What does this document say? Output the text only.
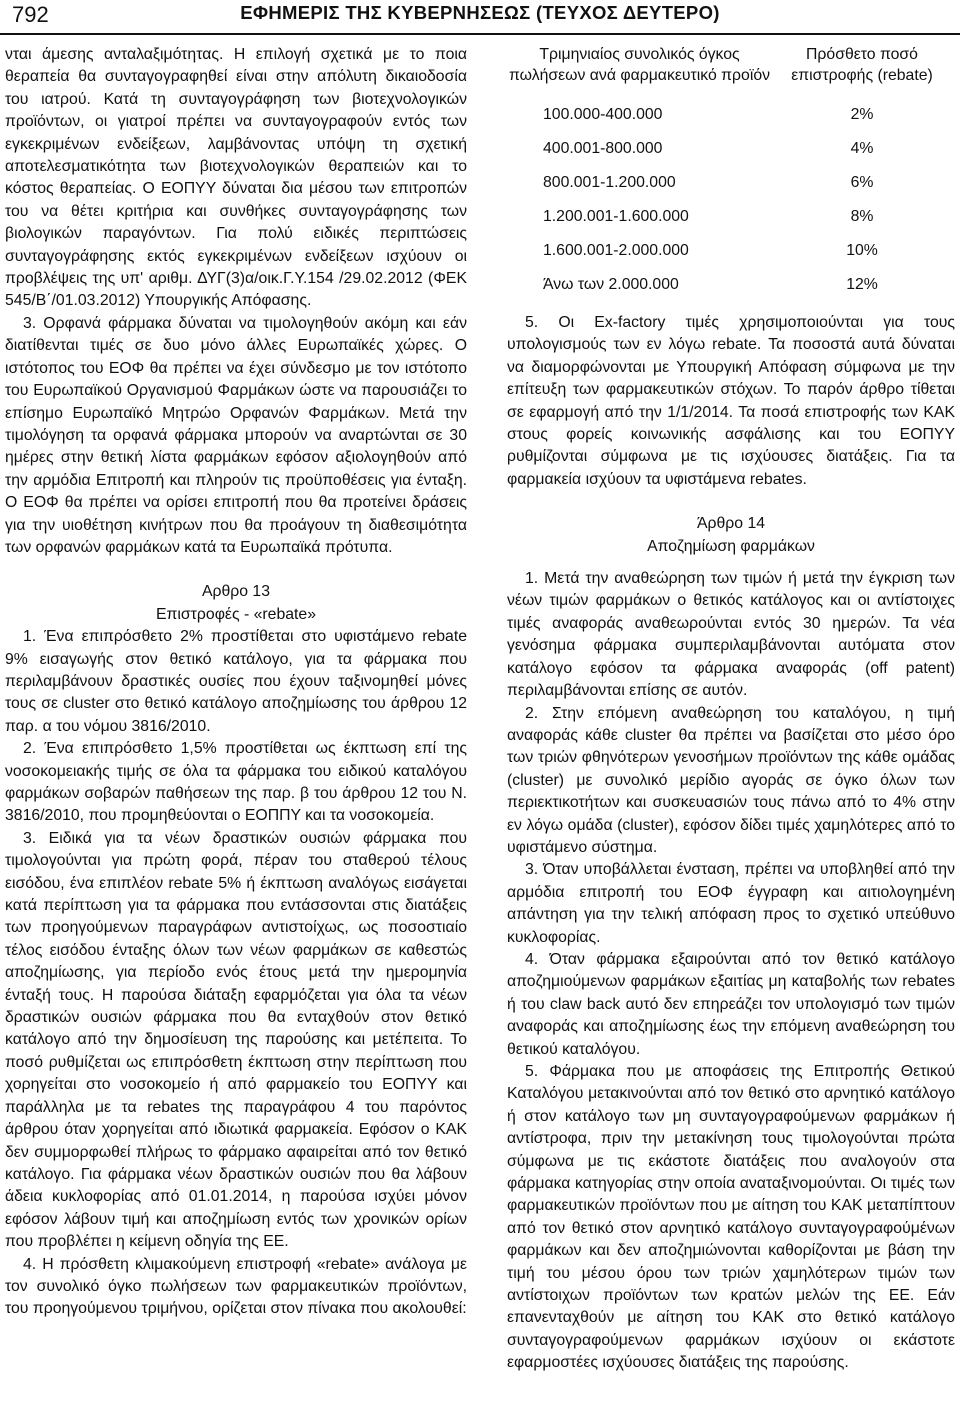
792	ΕΦΗΜΕΡΙΣ ΤΗΣ ΚΥΒΕΡΝΗΣΕΩΣ (ΤΕΥΧΟΣ ΔΕΥΤΕΡΟ)

νται άμεσης ανταλαξιμότητας. Η επιλογή σχετικά με το ποια θεραπεία θα συνταγογραφηθεί είναι στην απόλυτη δικαιοδοσία του ιατρού. Κατά τη συνταγογράφηση των βιοτεχνολογικών προϊόντων, οι γιατροί πρέπει να συνταγογραφούν εντός των εγκεκριμένων ενδείξεων, λαμβάνοντας υπόψη τη σχετική αποτελεσματικότητα των βιοτεχνολογικών θεραπειών και το κόστος θεραπείας. Ο ΕΟΠΥΥ δύναται δια μέσου των επιτροπών του να θέτει κριτήρια και συνθήκες συνταγογράφησης των βιολογικών παραγόντων. Για πολύ ειδικές περιπτώσεις συνταγογράφησης εκτός εγκεκριμένων ενδείξεων ισχύουν οι προβλέψεις της υπ' αριθμ. ΔΥΓ(3)α/οικ.Γ.Υ.154 /29.02.2012 (ΦΕΚ 545/Β΄/01.03.2012) Υπουργικής Απόφασης.

3. Ορφανά φάρμακα δύναται να τιμολογηθούν ακόμη και εάν διατίθενται τιμές σε δυο μόνο άλλες Ευρωπαϊκές χώρες. Ο ιστότοπος του ΕΟΦ θα πρέπει να έχει σύνδεσμο με τον ιστότοπο του Ευρωπαϊκού Οργανισμού Φαρμάκων ώστε να παρουσιάζει το επίσημο Ευρωπαϊκό Μητρώο Ορφανών Φαρμάκων. Μετά την τιμολόγηση τα ορφανά φάρμακα μπορούν να αναρτώνται σε 30 ημέρες στην θετική λίστα φαρμάκων εφόσον αξιολογηθούν από την αρμόδια Επιτροπή και πληρούν τις προϋποθέσεις για ένταξη. Ο ΕΟΦ θα πρέπει να ορίσει επιτροπή που θα προτείνει δράσεις για την υιοθέτηση κινήτρων που θα προάγουν τη διαθεσιμότητα των ορφανών φαρμάκων κατά τα Ευρωπαϊκά πρότυπα.

Αρθρο 13

Επιστροφές - «rebate»

1. Ένα επιπρόσθετο 2% προστίθεται στο υφιστάμενο rebate 9% εισαγωγής στον θετικό κατάλογο, για τα φάρμακα που περιλαμβάνουν δραστικές ουσίες που έχουν ταξινομηθεί μόνες τους σε cluster στο θετικό κατάλογο αποζημίωσης του άρθρου 12 παρ. α του νόμου 3816/2010.

2. Ένα επιπρόσθετο 1,5% προστίθεται ως έκπτωση επί της νοσοκομειακής τιμής σε όλα τα φάρμακα του ειδικού καταλόγου φαρμάκων σοβαρών παθήσεων της παρ. β του άρθρου 12 του Ν. 3816/2010, που προμηθεύονται ο ΕΟΠΠΥ και τα νοσοκομεία.

3. Ειδικά για τα νέων δραστικών ουσιών φάρμακα που τιμολογούνται για πρώτη φορά, πέραν του σταθερού τέλους εισόδου, ένα επιπλέον rebate 5% ή έκπτωση αναλόγως εισάγεται κατά περίπτωση για τα φάρμακα που εντάσσονται στις διατάξεις των προηγούμενων παραγράφων αντιστοίχως, ως ποσοστιαίο τέλος εισόδου ένταξης όλων των νέων φαρμάκων σε καθεστώς αποζημίωσης, για περίοδο ενός έτους μετά την ημερομηνία ένταξή τους. Η παρούσα διάταξη εφαρμόζεται για όλα τα νέων δραστικών ουσιών φάρμακα που θα ενταχθούν στον θετικό κατάλογο από την δημοσίευση της παρούσης και μετέπειτα. Το ποσό ρυθμίζεται ως επιπρόσθετη έκπτωση στην περίπτωση που χορηγείται στο νοσοκομείο ή από φαρμακείο του ΕΟΠΥΥ και παράλληλα με τα rebates της παραγράφου 4 του παρόντος άρθρου όταν χορηγείται από ιδιωτικά φαρμακεία. Εφόσον ο ΚΑΚ δεν συμμορφωθεί πλήρως το φάρμακο αφαιρείται από τον θετικό κατάλογο. Για φάρμακα νέων δραστικών ουσιών που θα λάβουν άδεια κυκλοφορίας από 01.01.2014, η παρούσα ισχύει μόνον εφόσον λάβουν τιμή και αποζημίωση εντός των χρονικών ορίων που προβλέπει η κείμενη οδηγία της ΕΕ.

4. Η πρόσθετη κλιμακούμενη επιστροφή «rebate» ανάλογα με τον συνολικό όγκο πωλήσεων των φαρμακευτικών προϊόντων, του προηγούμενου τριμήνου, ορίζεται στον πίνακα που ακολουθεί:

Τριμηνιαίος συνολικός όγκος πωλήσεων ανά φαρμακευτικό προϊόν	Πρόσθετο ποσό επιστροφής (rebate)
100.000-400.000	2%
400.001-800.000	4%
800.001-1.200.000	6%
1.200.001-1.600.000	8%
1.600.001-2.000.000	10%
Άνω των 2.000.000	12%

5. Οι Ex-factory τιμές χρησιμοποιούνται για τους υπολογισμούς των εν λόγω rebate. Τα ποσοστά αυτά δύναται να διαμορφώνονται με Υπουργική Απόφαση σύμφωνα με την επίτευξη των φαρμακευτικών στόχων. Το παρόν άρθρο τίθεται σε εφαρμογή από την 1/1/2014. Τα ποσά επιστροφής των ΚΑΚ στους φορείς κοινωνικής ασφάλισης και του ΕΟΠΥΥ ρυθμίζονται σύμφωνα με τις ισχύουσες διατάξεις. Για τα φαρμακεία ισχύουν τα υφιστάμενα rebates.

Άρθρο 14

Αποζημίωση φαρμάκων

1. Μετά την αναθεώρηση των τιμών ή μετά την έγκριση των νέων τιμών φαρμάκων ο θετικός κατάλογος και οι αντίστοιχες τιμές αναφοράς αναθεωρούνται εντός 30 ημερών. Τα νέα γενόσημα φάρμακα συμπεριλαμβάνονται αυτόματα στον κατάλογο εφόσον τα φάρμακα αναφοράς (off patent) περιλαμβάνονται επίσης σε αυτόν.

2. Στην επόμενη αναθεώρηση του καταλόγου, η τιμή αναφοράς κάθε cluster θα πρέπει να βασίζεται στο μέσο όρο των τριών φθηνότερων γενοσήμων προϊόντων της κάθε ομάδας (cluster) με συνολικό μερίδιο αγοράς σε όγκο όλων των περιεκτικοτήτων και συσκευασιών τους πάνω από το 4% στην εν λόγω ομάδα (cluster), εφόσον δίδει τιμές χαμηλότερες από το υφιστάμενο σύστημα.

3. Όταν υποβάλλεται ένσταση, πρέπει να υποβληθεί από την αρμόδια επιτροπή του ΕΟΦ έγγραφη και αιτιολογημένη απάντηση για την τελική απόφαση προς το σχετικό υπεύθυνο κυκλοφορίας.

4. Όταν φάρμακα εξαιρούνται από τον θετικό κατάλογο αποζημιούμενων φαρμάκων εξαιτίας μη καταβολής των rebates ή του claw back αυτό δεν επηρεάζει τον υπολογισμό των τιμών αναφοράς και αποζημίωσης έως την επόμενη αναθεώρηση του θετικού καταλόγου.

5. Φάρμακα που με αποφάσεις της Επιτροπής Θετικού Καταλόγου μετακινούνται από τον θετικό στο αρνητικό κατάλογο ή στον κατάλογο των μη συνταγογραφούμενων φαρμάκων ή αντίστροφα, πριν την μετακίνηση τους τιμολογούνται πρώτα σύμφωνα με τις εκάστοτε διατάξεις που αναλογούν στα φάρμακα κατηγορίας στην οποία αναταξινομούνται. Οι τιμές των φαρμακευτικών προϊόντων που με αίτηση του ΚΑΚ μεταπίπτουν από τον θετικό στον αρνητικό κατάλογο συνταγογραφούμένων φαρμάκων και δεν αποζημιώνονται καθορίζονται με βάση την τιμή του μέσου όρου των τριών χαμηλότερων τιμών των αντίστοιχων προϊόντων των κρατών μελών της ΕΕ. Εάν επανενταχθούν με αίτηση του ΚΑΚ στο θετικό κατάλογο συνταγογραφούμενων φαρμάκων ισχύουν οι εκάστοτε εφαρμοστέες ισχύουσες διατάξεις της παρούσης.
